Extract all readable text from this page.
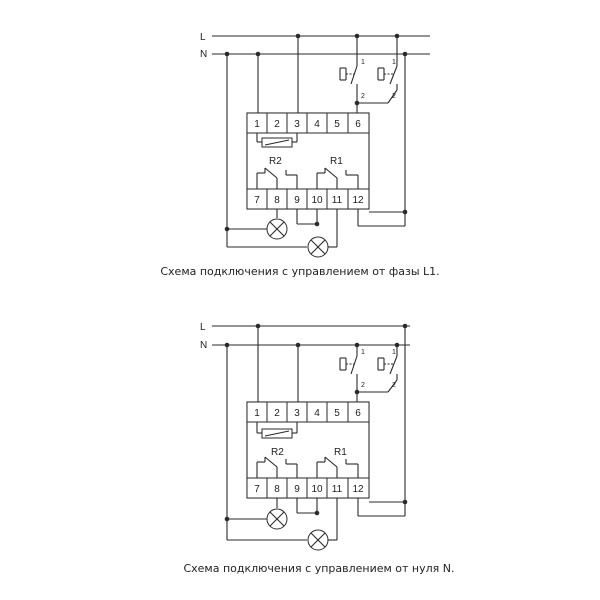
L
N
1
2
1
2
1 2 3 4 5 6
7 8 9 10 11 12
R2	R1
Схема подключения с управлением от фазы L1.
L
N
1
2
1
2
1 2 3 4 5 6
7 8 9 10 11 12
R2	R1
Схема подключения с управлением от нуля N.
